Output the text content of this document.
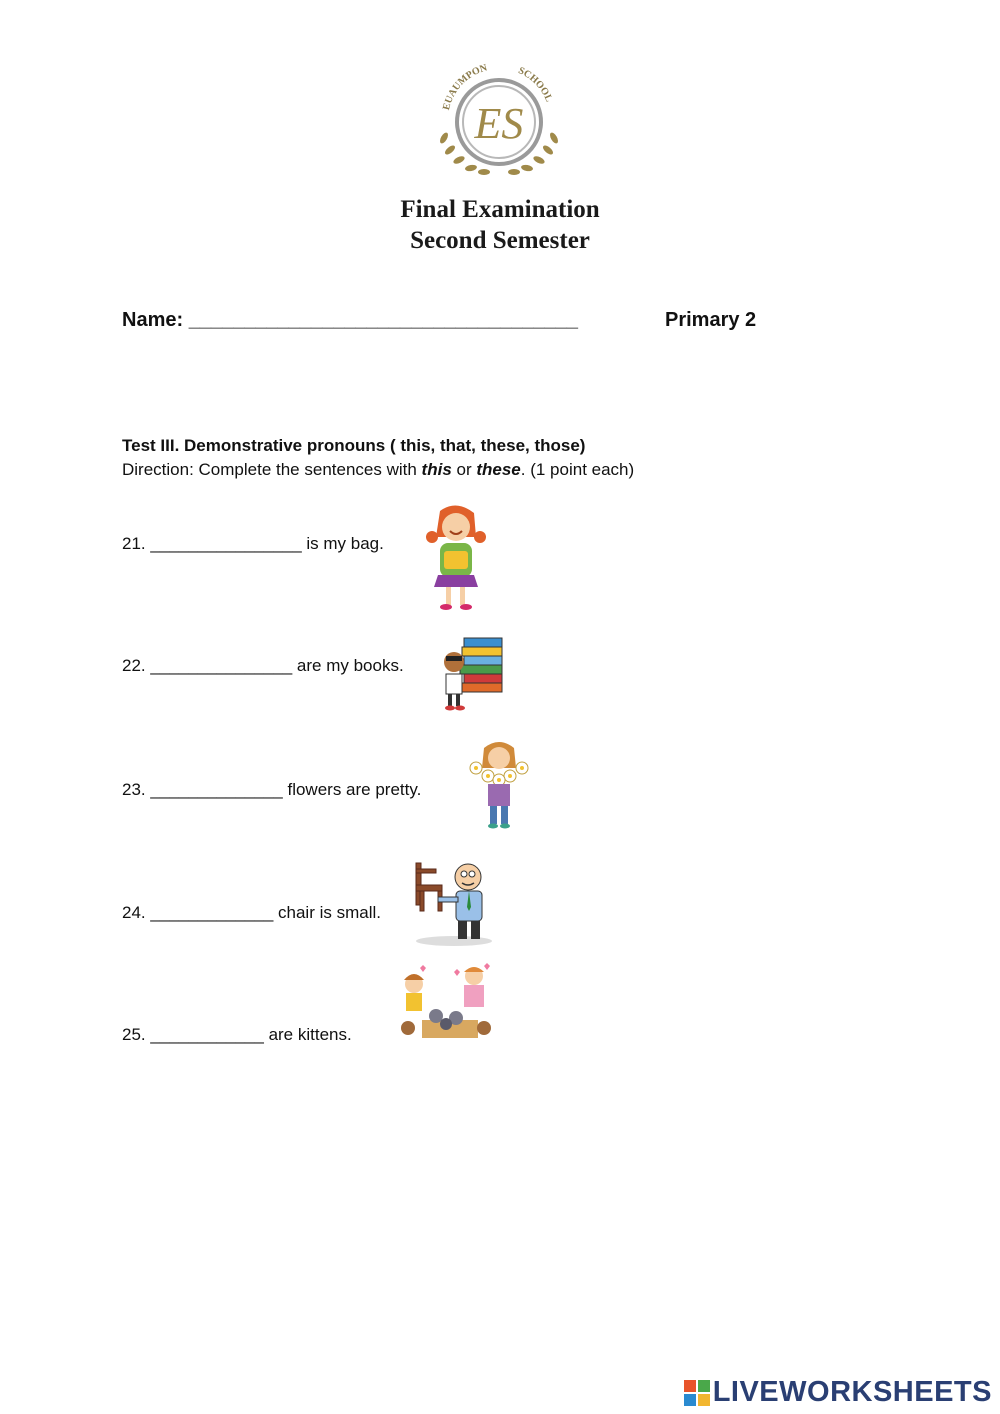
EUAUMPON	SCHOOL
ES
Final Examination
Second Semester
Name: ___________________________________	Primary 2
Test III. Demonstrative pronouns ( this, that, these, those)
Direction: Complete the sentences with this or these. (1 point each)
21. ________________ is my bag.
22. _______________ are my books.
23. ______________ flowers are pretty.
24. _____________ chair is small.
25. ____________ are kittens.
LIVEWORKSHEETS
